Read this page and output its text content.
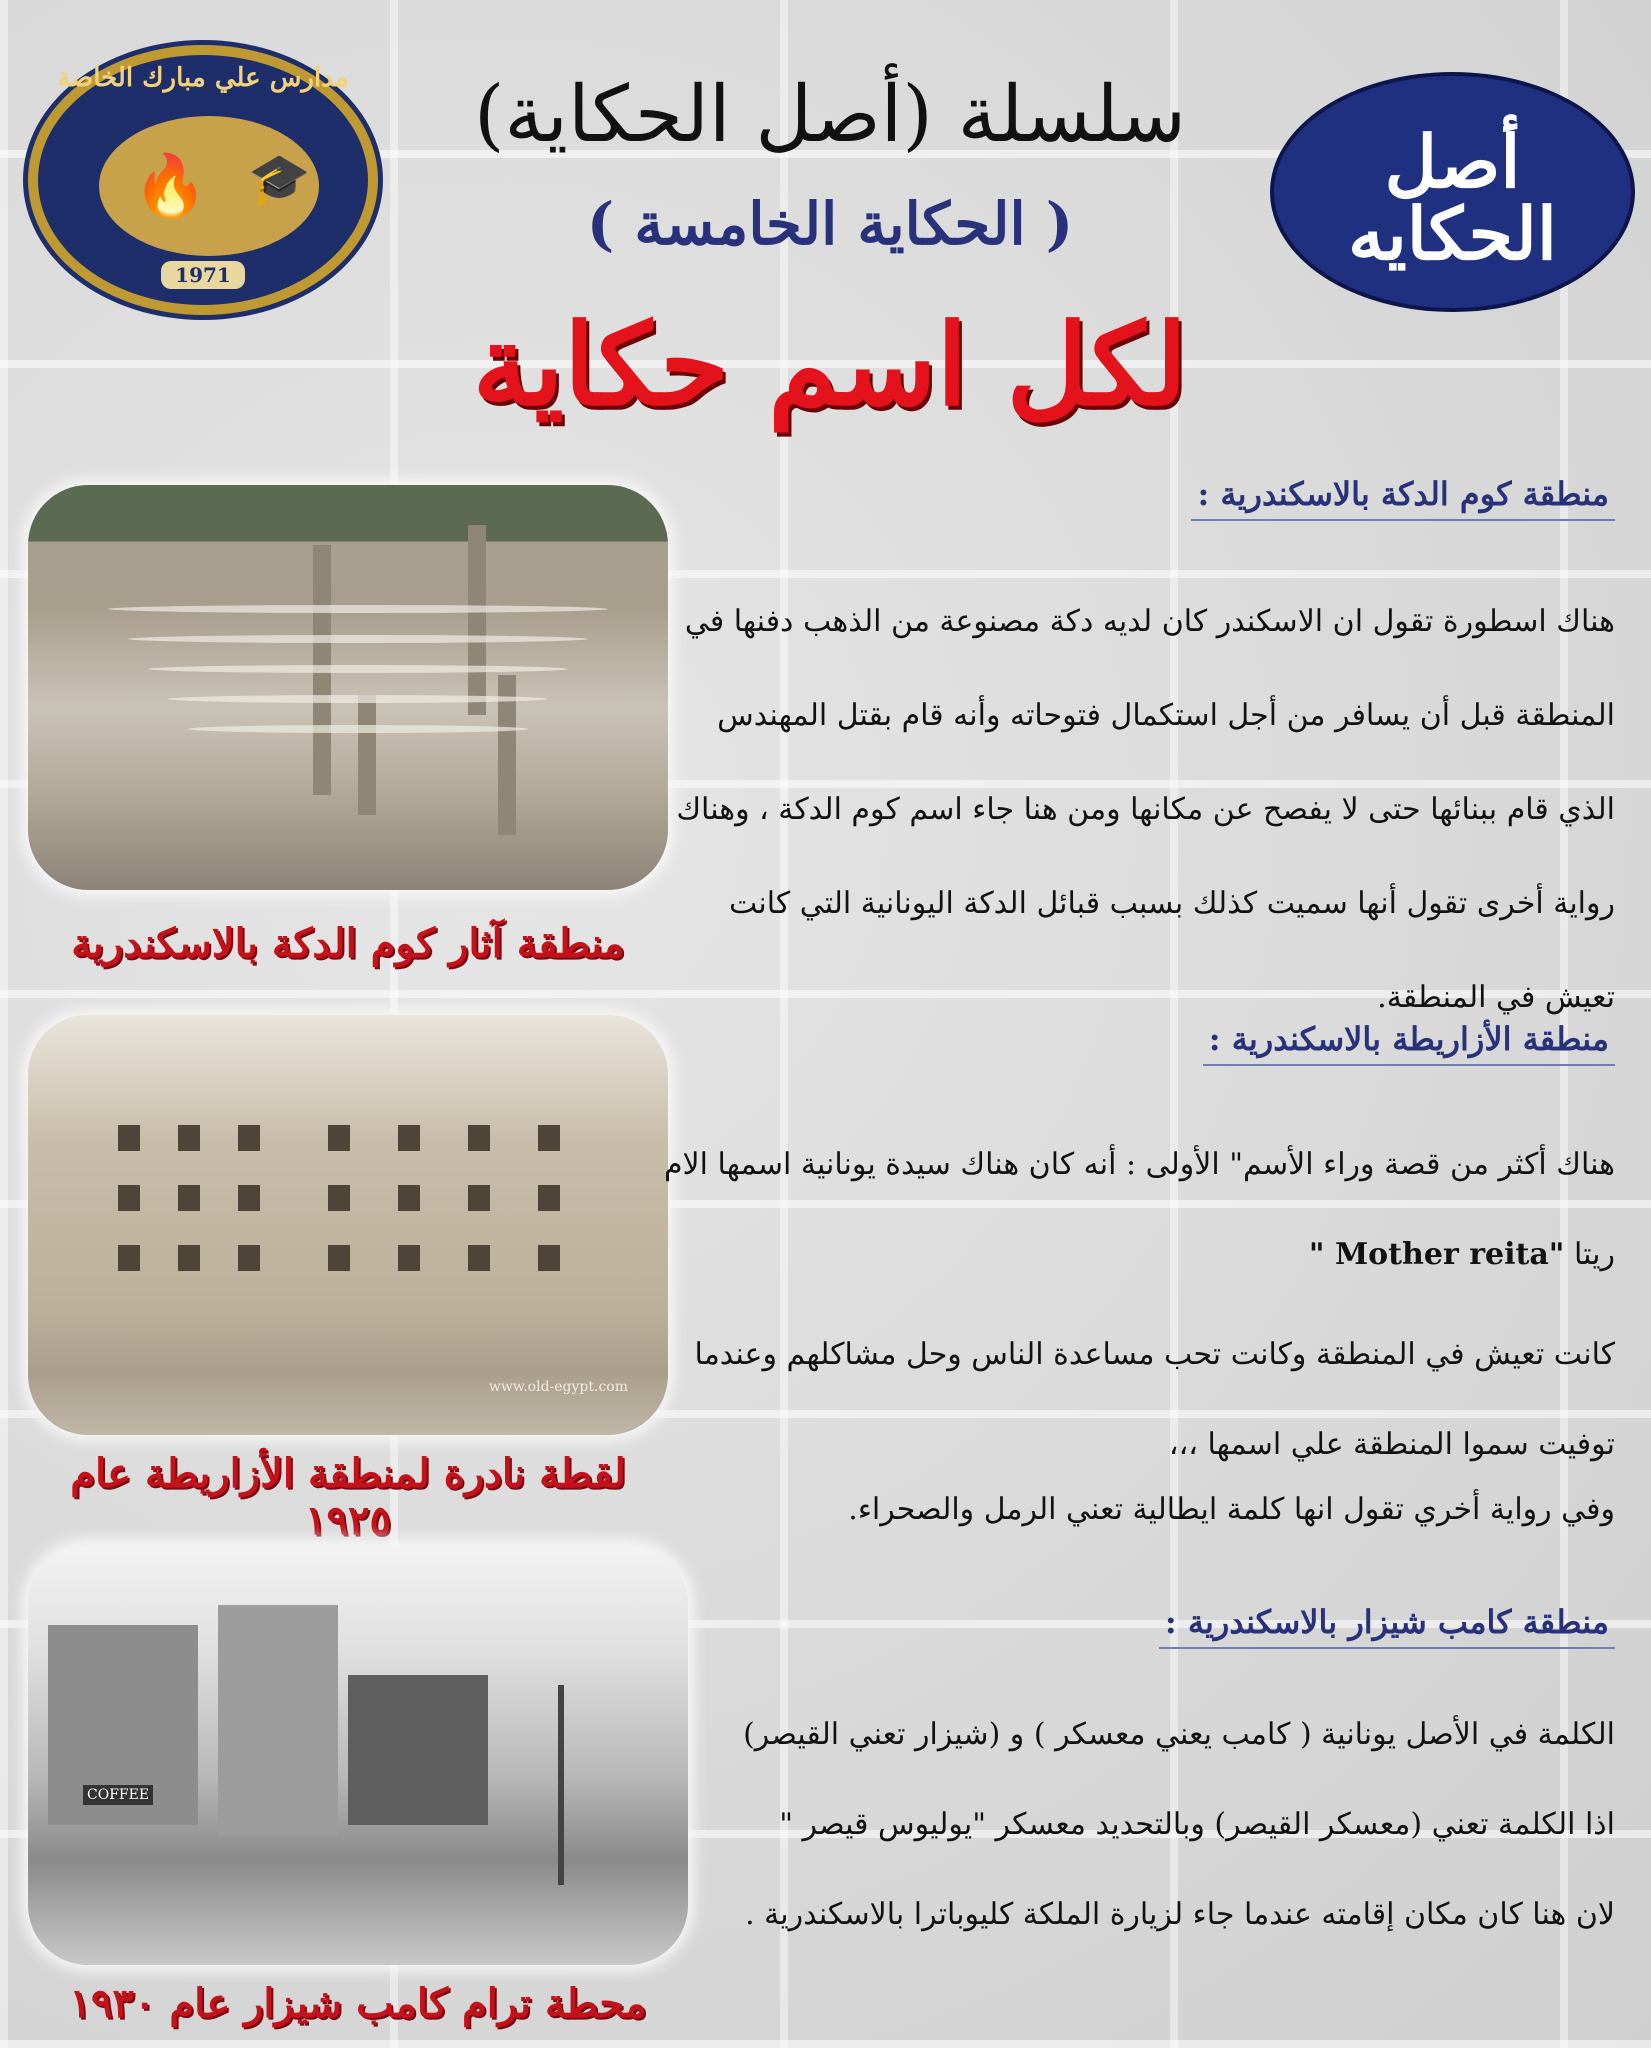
مدارس علي مبارك الخاصة
🔥 🎓
1971
سلسلة (أصل الحكاية)
( الحكاية الخامسة )
لكل اسم حكاية
أصل الحكايه
منطقة آثار كوم الدكة بالاسكندرية
www.old-egypt.com
لقطة نادرة لمنطقة الأزاريطة عام ١٩٢٥
COFFEE
محطة ترام كامب شيزار عام ١٩٣٠
منطقة كوم الدكة بالاسكندرية :

هناك اسطورة تقول ان الاسكندر كان لديه دكة مصنوعة من الذهب دفنها في المنطقة قبل أن يسافر من أجل استكمال فتوحاته وأنه قام بقتل المهندس الذي قام ببنائها حتى لا يفصح عن مكانها ومن هنا جاء اسم كوم الدكة ، وهناك رواية أخرى تقول أنها سميت كذلك بسبب قبائل الدكة اليونانية التي كانت تعيش في المنطقة.

منطقة الأزاريطة بالاسكندرية :

هناك أكثر من قصة وراء الأسم" الأولى : أنه كان هناك سيدة يونانية اسمها الام ريتا "Mother reita "

كانت تعيش في المنطقة وكانت تحب مساعدة الناس وحل مشاكلهم وعندما توفيت سموا المنطقة علي اسمها ،،،

وفي رواية أخري تقول انها كلمة ايطالية تعني الرمل والصحراء.

منطقة كامب شيزار بالاسكندرية :

الكلمة في الأصل يونانية ( كامب يعني معسكر ) و (شيزار تعني القيصر)

اذا الكلمة تعني (معسكر القيصر) وبالتحديد معسكر "يوليوس قيصر "

لان هنا كان مكان إقامته عندما جاء لزيارة الملكة كليوباترا بالاسكندرية .
